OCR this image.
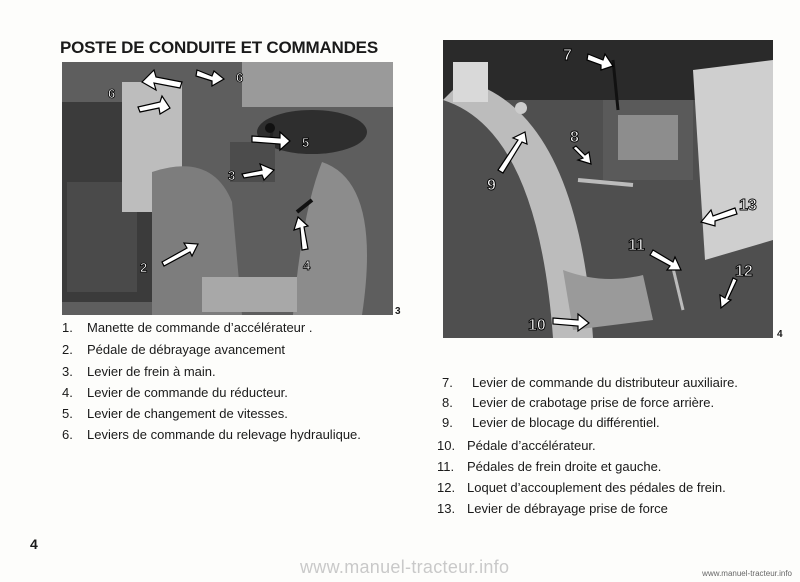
POSTE DE CONDUITE ET COMMANDES
6
6
5
3
2	4
3
7
8
9
13
11
12
10
4
1. Manette de commande d’accélérateur .
2. Pédale de débrayage avancement
3. Levier de frein à main.
4. Levier de commande du réducteur.
5. Levier de changement de vitesses.
6. Leviers de commande du relevage hydraulique.
7. Levier de commande du distributeur auxiliaire.
8. Levier de crabotage prise de force arrière.
9. Levier de blocage du différentiel.
10. Pédale d’accélérateur.
11. Pédales de frein droite et gauche.
12. Loquet d’accouplement des pédales de frein.
13. Levier de débrayage prise de force
4
www.manuel-tracteur.info	www.manuel-tracteur.info
